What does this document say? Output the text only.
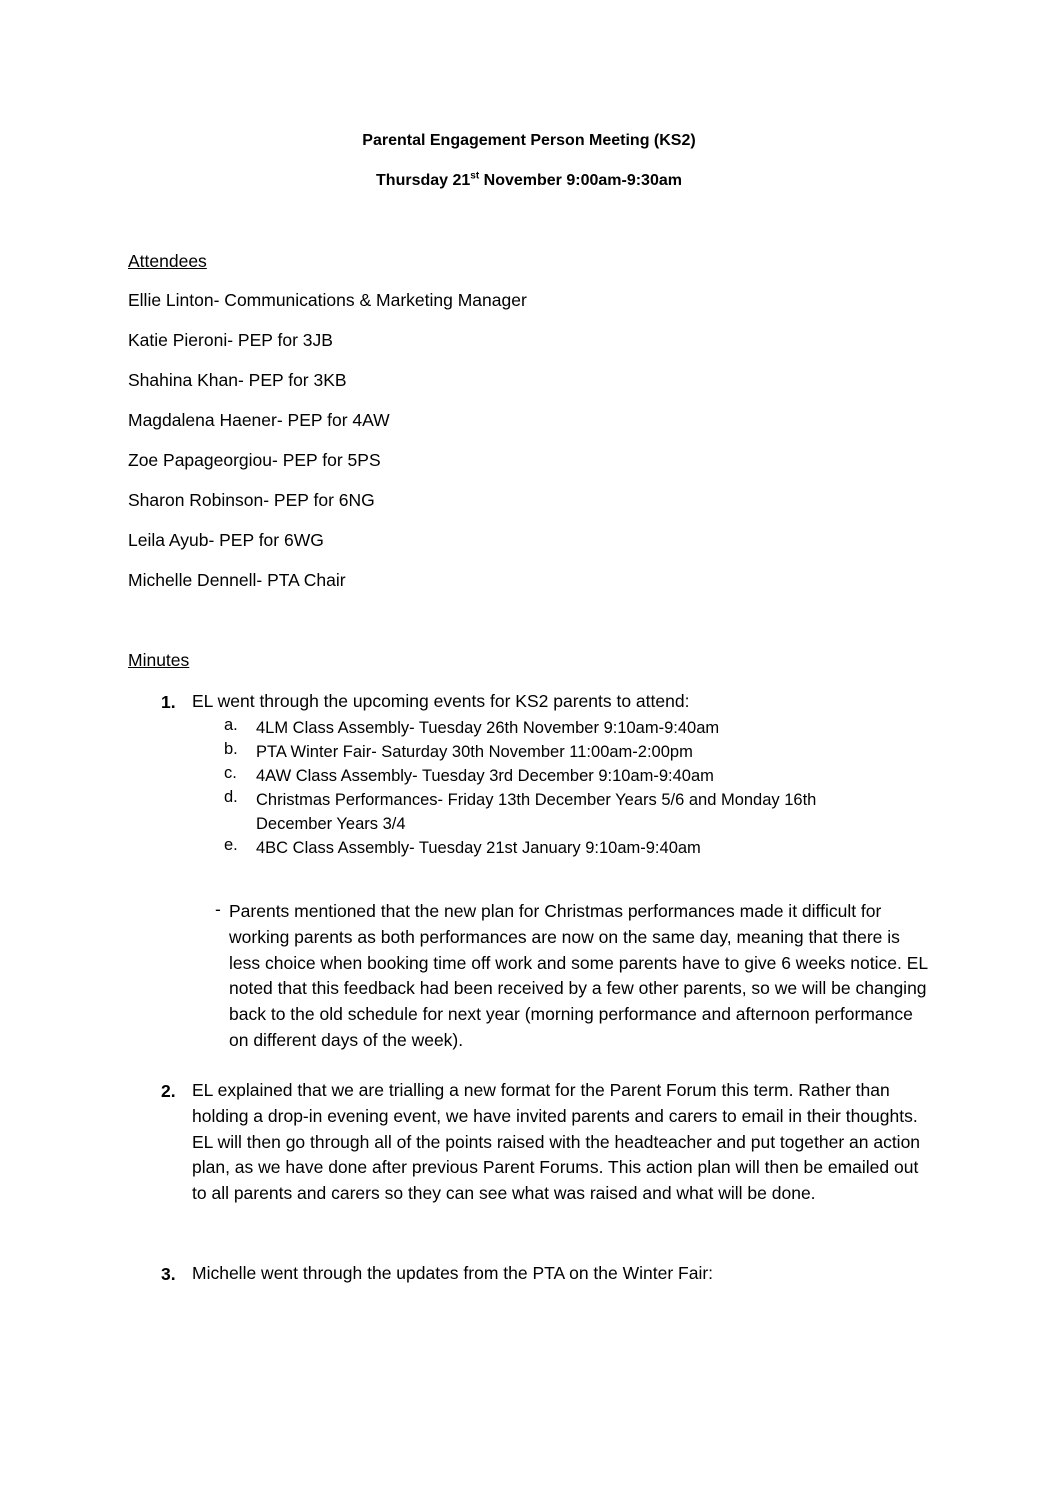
Parental Engagement Person Meeting (KS2)
Thursday 21st November 9:00am-9:30am
Attendees
Ellie Linton- Communications & Marketing Manager
Katie Pieroni- PEP for 3JB
Shahina Khan- PEP for 3KB
Magdalena Haener- PEP for 4AW
Zoe Papageorgiou- PEP for 5PS
Sharon Robinson- PEP for 6NG
Leila Ayub- PEP for 6WG
Michelle Dennell- PTA Chair
Minutes
1. EL went through the upcoming events for KS2 parents to attend:
a. 4LM Class Assembly- Tuesday 26th November 9:10am-9:40am
b. PTA Winter Fair- Saturday 30th November 11:00am-2:00pm
c. 4AW Class Assembly- Tuesday 3rd December 9:10am-9:40am
d. Christmas Performances- Friday 13th December Years 5/6 and Monday 16th December Years 3/4
e. 4BC Class Assembly- Tuesday 21st January 9:10am-9:40am
- Parents mentioned that the new plan for Christmas performances made it difficult for working parents as both performances are now on the same day, meaning that there is less choice when booking time off work and some parents have to give 6 weeks notice. EL noted that this feedback had been received by a few other parents, so we will be changing back to the old schedule for next year (morning performance and afternoon performance on different days of the week).
2. EL explained that we are trialling a new format for the Parent Forum this term. Rather than holding a drop-in evening event, we have invited parents and carers to email in their thoughts. EL will then go through all of the points raised with the headteacher and put together an action plan, as we have done after previous Parent Forums. This action plan will then be emailed out to all parents and carers so they can see what was raised and what will be done.
3. Michelle went through the updates from the PTA on the Winter Fair:
